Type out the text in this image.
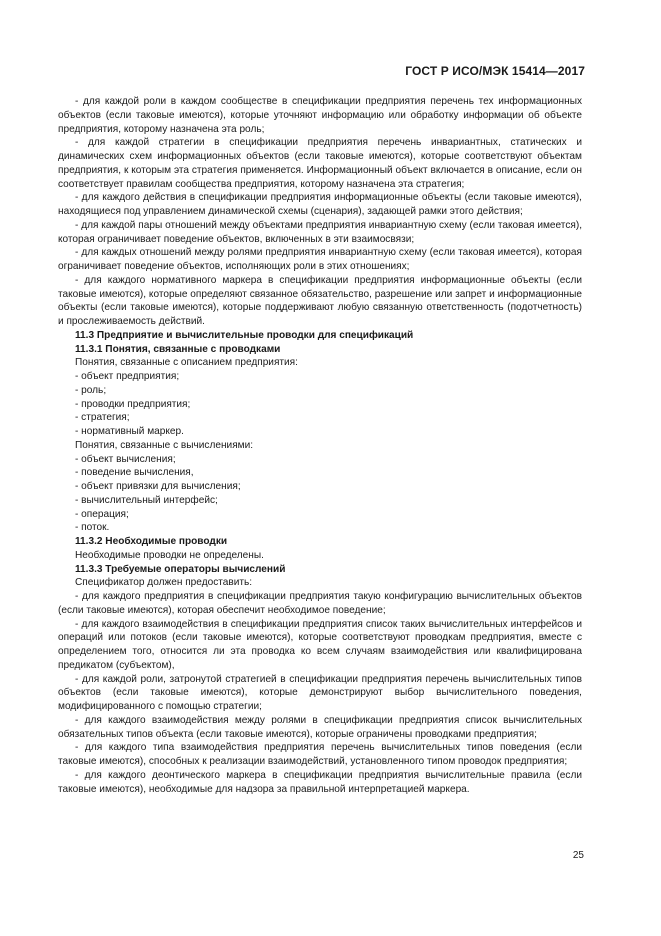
ГОСТ Р ИСО/МЭК 15414—2017

- для каждой роли в каждом сообществе в спецификации предприятия перечень тех информационных объектов (если таковые имеются), которые уточняют информацию или обработку информации об объекте предприятия, которому назначена эта роль;

- для каждой стратегии в спецификации предприятия перечень инвариантных, статических и динамических схем информационных объектов (если таковые имеются), которые соответствуют объектам предприятия, к которым эта стратегия применяется. Информационный объект включается в описание, если он соответствует правилам сообщества предприятия, которому назначена эта стратегия;

- для каждого действия в спецификации предприятия информационные объекты (если таковые имеются), находящиеся под управлением динамической схемы (сценария), задающей рамки этого действия;

- для каждой пары отношений между объектами предприятия инвариантную схему (если таковая имеется), которая ограничивает поведение объектов, включенных в эти взаимосвязи;

- для каждых отношений между ролями предприятия инвариантную схему (если таковая имеется), которая ограничивает поведение объектов, исполняющих роли в этих отношениях;

- для каждого нормативного маркера в спецификации предприятия информационные объекты (если таковые имеются), которые определяют связанное обязательство, разрешение или запрет и информационные объекты (если таковые имеются), которые поддерживают любую связанную ответственность (подотчетность) и прослеживаемость действий.

11.3 Предприятие и вычислительные проводки для спецификаций

11.3.1 Понятия, связанные с проводками

Понятия, связанные с описанием предприятия:

- объект предприятия;

- роль;

- проводки предприятия;

- стратегия;

- нормативный маркер.

Понятия, связанные с вычислениями:

- объект вычисления;

- поведение вычисления,

- объект привязки для вычисления;

- вычислительный интерфейс;

- операция;

- поток.

11.3.2 Необходимые проводки

Необходимые проводки не определены.

11.3.3 Требуемые операторы вычислений

Спецификатор должен предоставить:

- для каждого предприятия в спецификации предприятия такую конфигурацию вычислительных объектов (если таковые имеются), которая обеспечит необходимое поведение;

- для каждого взаимодействия в спецификации предприятия список таких вычислительных интерфейсов и операций или потоков (если таковые имеются), которые соответствуют проводкам предприятия, вместе с определением того, относится ли эта проводка ко всем случаям взаимодействия или квалифицирована предикатом (субъектом),

- для каждой роли, затронутой стратегией в спецификации предприятия перечень вычислительных типов объектов (если таковые имеются), которые демонстрируют выбор вычислительного поведения, модифицированного с помощью стратегии;

- для каждого взаимодействия между ролями в спецификации предприятия список вычислительных обязательных типов объекта (если таковые имеются), которые ограничены проводками предприятия;

- для каждого типа взаимодействия предприятия перечень вычислительных типов поведения (если таковые имеются), способных к реализации взаимодействий, установленного типом проводок предприятия;

- для каждого деонтического маркера в спецификации предприятия вычислительные правила (если таковые имеются), необходимые для надзора за правильной интерпретацией маркера.

25
